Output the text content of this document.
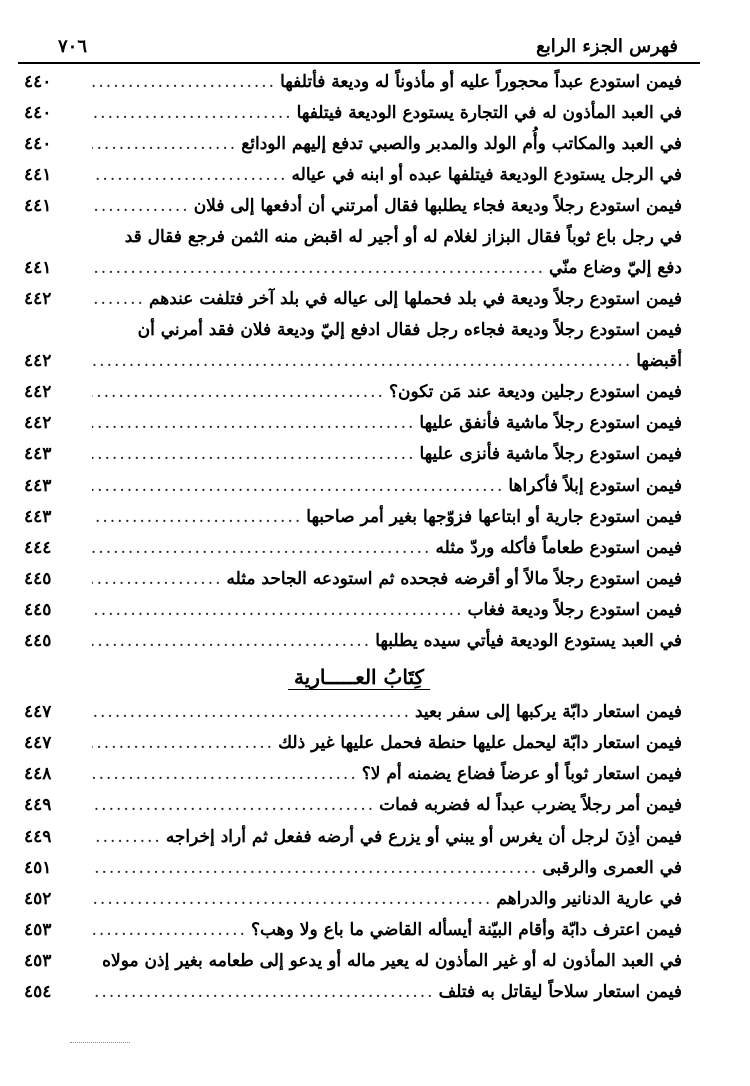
فهرس الجزء الرابع
٧٠٦
فيمن استودع عبداً محجوراً عليه أو مأذوناً له وديعة فأتلفها
.....
٤٤٠
في العبد المأذون له في التجارة يستودع الوديعة فيتلفها
.....
٤٤٠
في العبد والمكاتب وأُم الولد والمدبر والصبي تدفع إليهم الودائع
.....
٤٤٠
في الرجل يستودع الوديعة فيتلفها عبده أو ابنه في عياله
.....
٤٤١
فيمن استودع رجلاً وديعة فجاء يطلبها فقال أمرتني أن أدفعها إلى فلان
.....
٤٤١
في رجل باع ثوباً فقال البزاز لغلام له أو أجير له اقبض منه الثمن فرجع فقال قد
دفع إليّ وضاع منّي
.....
٤٤١
فيمن استودع رجلاً وديعة في بلد فحملها إلى عياله في بلد آخر فتلفت عندهم
.....
٤٤٢
فيمن استودع رجلاً وديعة فجاءه رجل فقال ادفع إليّ وديعة فلان فقد أمرني أن
أقبضها
.....
٤٤٢
فيمن استودع رجلين وديعة عند مَن تكون؟
.....
٤٤٢
فيمن استودع رجلاً ماشية فأنفق عليها
.....
٤٤٢
فيمن استودع رجلاً ماشية فأنزى عليها
.....
٤٤٣
فيمن استودع إبلاً فأكراها
.....
٤٤٣
فيمن استودع جارية أو ابتاعها فزوّجها بغير أمر صاحبها
.....
٤٤٣
فيمن استودع طعاماً فأكله وردّ مثله
.....
٤٤٤
فيمن استودع رجلاً مالاً أو أقرضه فجحده ثم استودعه الجاحد مثله
.....
٤٤٥
فيمن استودع رجلاً وديعة فغاب
.....
٤٤٥
في العبد يستودع الوديعة فيأتي سيده يطلبها
.....
٤٤٥
كِتَابُ العـــــارية
فيمن استعار دابّة يركبها إلى سفر بعيد
.....
٤٤٧
فيمن استعار دابّة ليحمل عليها حنطة فحمل عليها غير ذلك
.....
٤٤٧
فيمن استعار ثوباً أو عرضاً فضاع يضمنه أم لا؟
.....
٤٤٨
فيمن أمر رجلاً يضرب عبداً له فضربه فمات
.....
٤٤٩
فيمن أذِنَ لرجل أن يغرس أو يبني أو يزرع في أرضه ففعل ثم أراد إخراجه
.....
٤٤٩
في العمرى والرقبى
.....
٤٥١
في عارية الدنانير والدراهم
.....
٤٥٢
فيمن اعترف دابّة وأقام البيّنة أيسأله القاضي ما باع ولا وهب؟
.....
٤٥٣
في العبد المأذون له أو غير المأذون له يعير ماله أو يدعو إلى طعامه بغير إذن مولاه
٤٥٣
فيمن استعار سلاحاً ليقاتل به فتلف
.....
٤٥٤
